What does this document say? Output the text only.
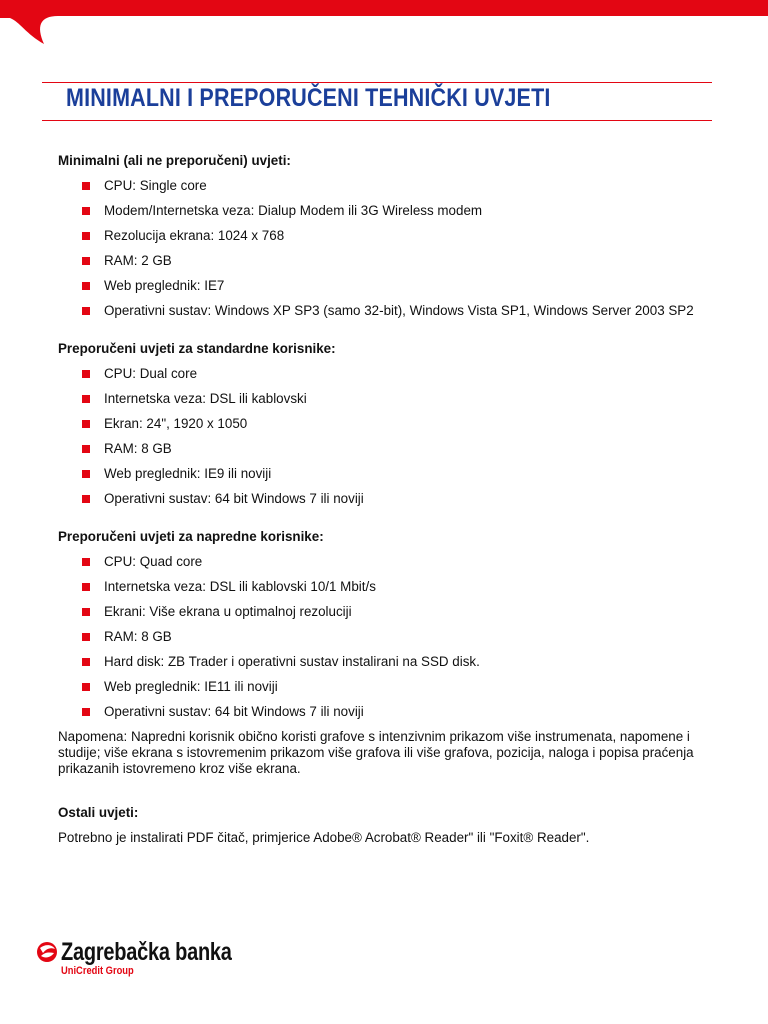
MINIMALNI I PREPORUČENI TEHNIČKI UVJETI
Minimalni (ali ne preporučeni) uvjeti:
CPU: Single core
Modem/Internetska veza: Dialup Modem ili 3G Wireless modem
Rezolucija ekrana: 1024 x 768
RAM: 2 GB
Web preglednik: IE7
Operativni sustav: Windows XP SP3 (samo 32-bit), Windows Vista SP1, Windows Server 2003 SP2
Preporučeni uvjeti za standardne korisnike:
CPU: Dual core
Internetska veza: DSL ili kablovski
Ekran: 24", 1920 x 1050
RAM: 8 GB
Web preglednik: IE9 ili noviji
Operativni sustav: 64 bit Windows 7 ili noviji
Preporučeni uvjeti za napredne korisnike:
CPU: Quad core
Internetska veza: DSL ili kablovski 10/1 Mbit/s
Ekrani: Više ekrana u optimalnoj rezoluciji
RAM: 8 GB
Hard disk: ZB Trader i operativni sustav instalirani na SSD disk.
Web preglednik: IE11 ili noviji
Operativni sustav: 64 bit Windows 7 ili noviji

Napomena: Napredni korisnik obično koristi grafove s intenzivnim prikazom više instrumenata, napomene i studije; više ekrana s istovremenim prikazom više grafova ili više grafova, pozicija, naloga i popisa praćenja prikazanih istovremeno kroz više ekrana.

Ostali uvjeti:

Potrebno je instalirati PDF čitač, primjerice Adobe® Acrobat® Reader" ili "Foxit® Reader".

Zagrebačka banka
UniCredit Group
